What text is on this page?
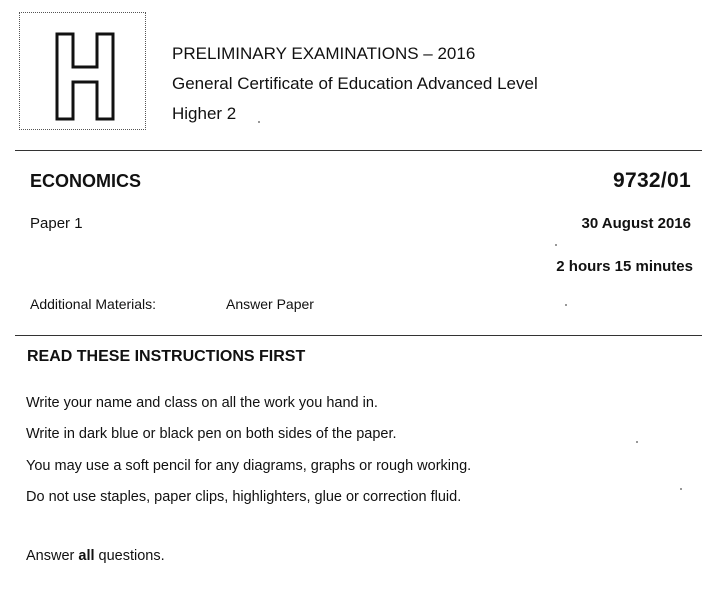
PRELIMINARY EXAMINATIONS – 2016
General Certificate of Education Advanced Level
Higher 2
ECONOMICS	9732/01
Paper 1	30 August 2016
2 hours 15 minutes
Additional Materials:	Answer Paper
READ THESE INSTRUCTIONS FIRST
Write your name and class on all the work you hand in.
Write in dark blue or black pen on both sides of the paper.
You may use a soft pencil for any diagrams, graphs or rough working.
Do not use staples, paper clips, highlighters, glue or correction fluid.
Answer all questions.
